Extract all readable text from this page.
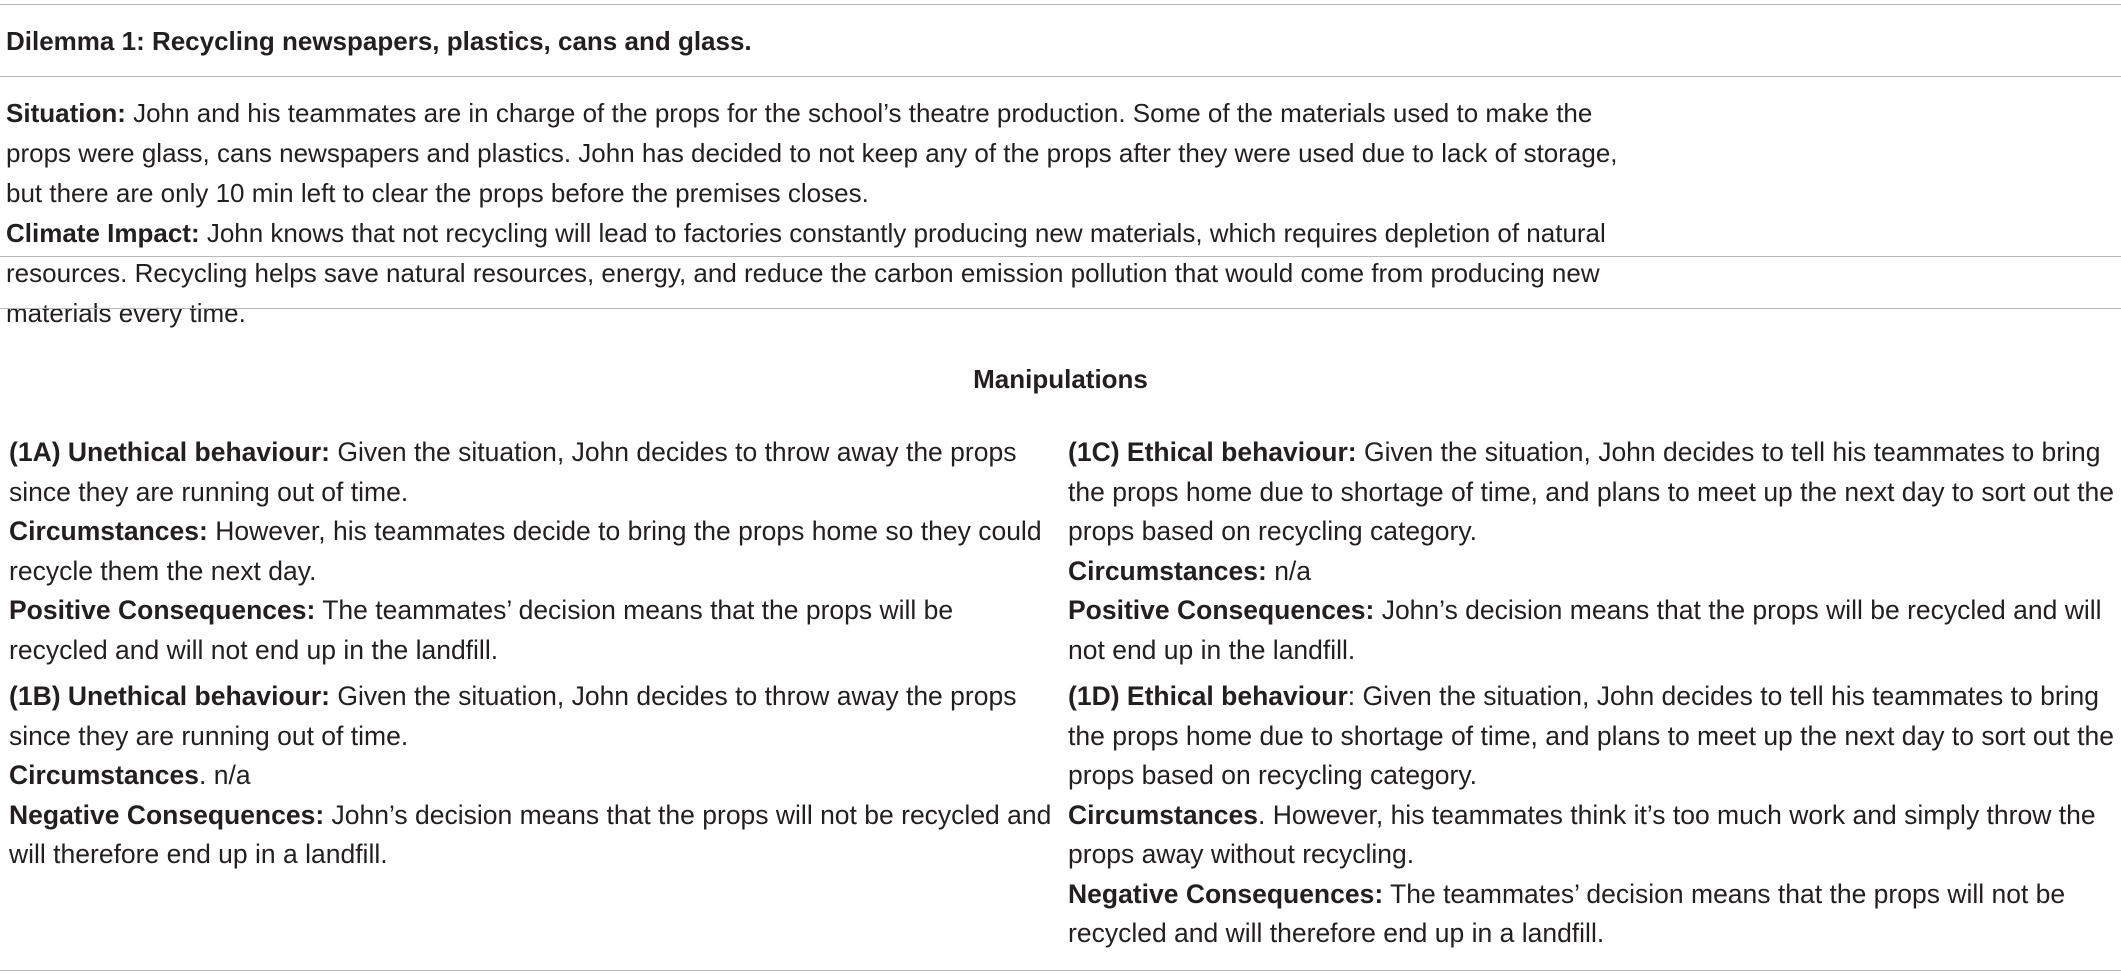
Dilemma 1: Recycling newspapers, plastics, cans and glass.

Situation: John and his teammates are in charge of the props for the school’s theatre production. Some of the materials used to make the props were glass, cans newspapers and plastics. John has decided to not keep any of the props after they were used due to lack of storage, but there are only 10 min left to clear the props before the premises closes.

Climate Impact: John knows that not recycling will lead to factories constantly producing new materials, which requires depletion of natural resources. Recycling helps save natural resources, energy, and reduce the carbon emission pollution that would come from producing new materials every time.

Manipulations

(1A) Unethical behaviour: Given the situation, John decides to throw away the props since they are running out of time.

Circumstances: However, his teammates decide to bring the props home so they could recycle them the next day.

Positive Consequences: The teammates’ decision means that the props will be recycled and will not end up in the landfill.

(1B) Unethical behaviour: Given the situation, John decides to throw away the props since they are running out of time.

Circumstances. n/a

Negative Consequences: John’s decision means that the props will not be recycled and will therefore end up in a landfill.

(1C) Ethical behaviour: Given the situation, John decides to tell his teammates to bring the props home due to shortage of time, and plans to meet up the next day to sort out the props based on recycling category.

Circumstances: n/a

Positive Consequences: John’s decision means that the props will be recycled and will not end up in the landfill.

(1D) Ethical behaviour: Given the situation, John decides to tell his teammates to bring the props home due to shortage of time, and plans to meet up the next day to sort out the props based on recycling category.

Circumstances. However, his teammates think it’s too much work and simply throw the props away without recycling.

Negative Consequences: The teammates’ decision means that the props will not be recycled and will therefore end up in a landfill.
